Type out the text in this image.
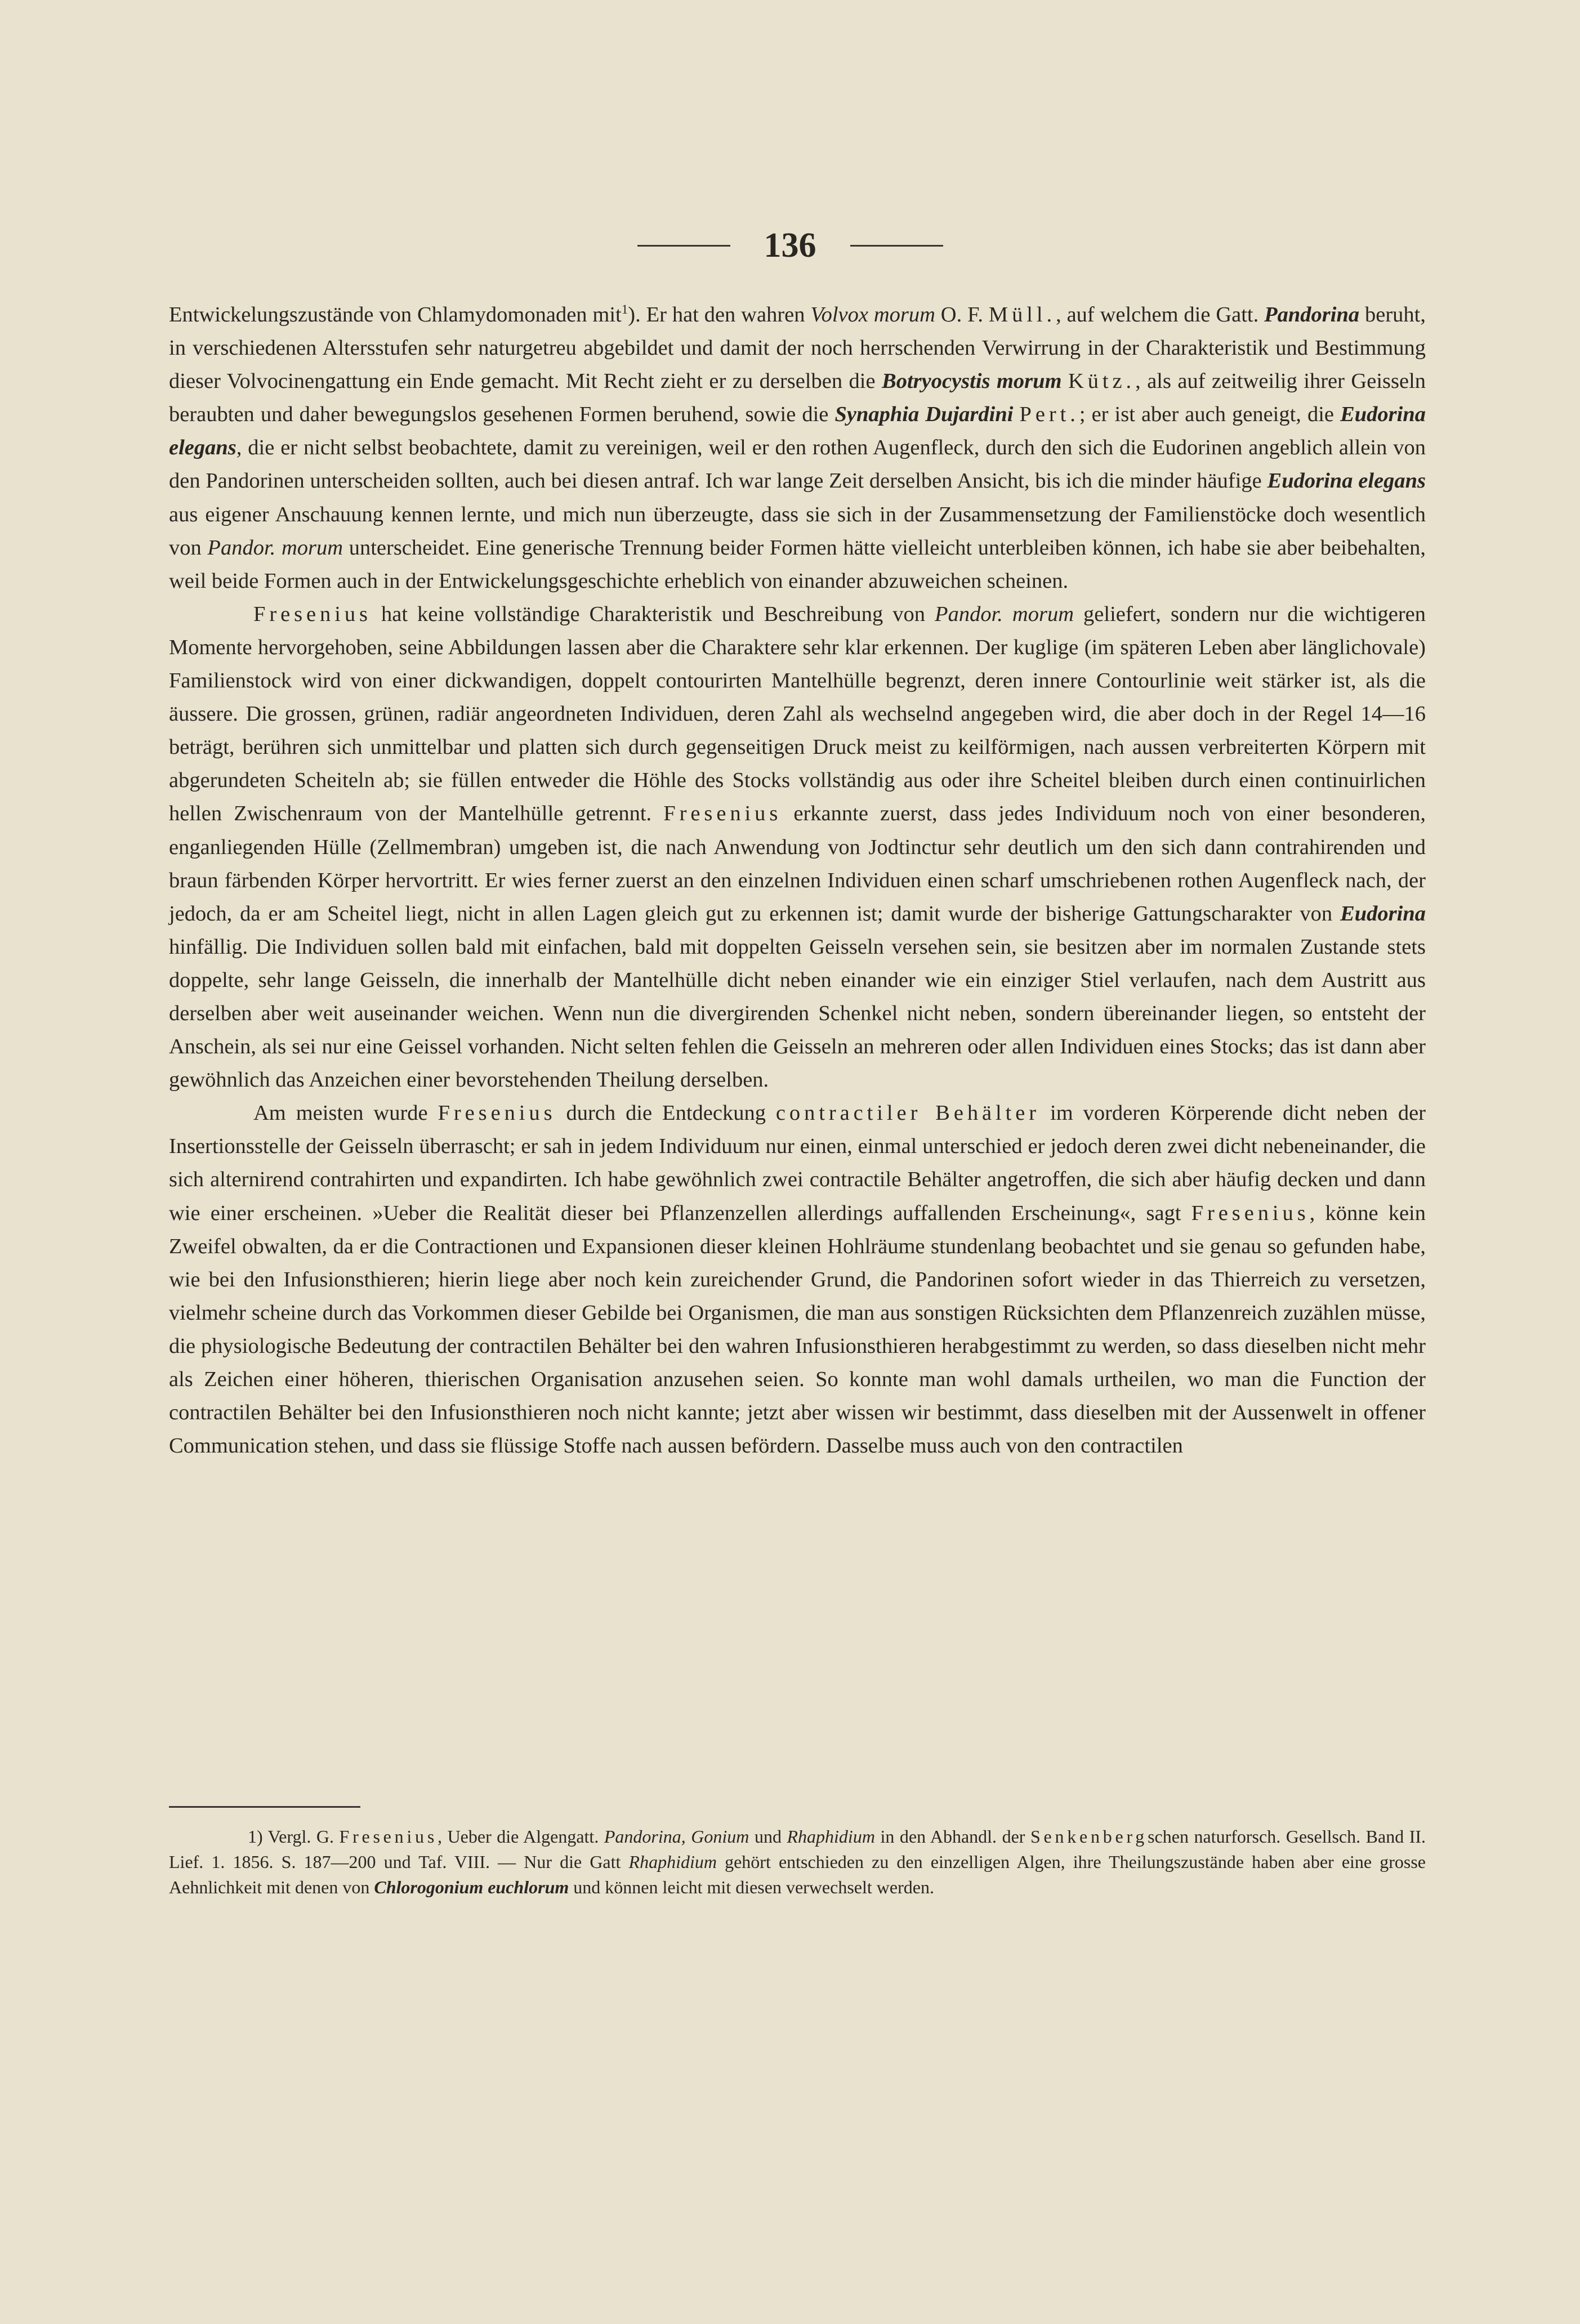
136

Entwickelungszustände von Chlamydomonaden mit$^1$). Er hat den wahren Volvox morum O. F. Müll., auf welchem die Gatt. Pandorina beruht, in verschiedenen Altersstufen sehr naturgetreu abgebildet und damit der noch herrschenden Verwirrung in der Charakteristik und Bestimmung dieser Volvocinengattung ein Ende gemacht. Mit Recht zieht er zu derselben die Botryocystis morum Kütz., als auf zeitweilig ihrer Geisseln beraubten und daher bewegungslos gesehenen Formen beruhend, sowie die Synaphia Dujardini Pert.; er ist aber auch geneigt, die Eudorina elegans, die er nicht selbst beobachtete, damit zu vereinigen, weil er den rothen Augenfleck, durch den sich die Eudorinen angeblich allein von den Pandorinen unterscheiden sollten, auch bei diesen antraf. Ich war lange Zeit derselben Ansicht, bis ich die minder häufige Eudorina elegans aus eigener Anschauung kennen lernte, und mich nun überzeugte, dass sie sich in der Zusammensetzung der Familienstöcke doch wesentlich von Pandor. morum unterscheidet. Eine generische Trennung beider Formen hätte vielleicht unterbleiben können, ich habe sie aber beibehalten, weil beide Formen auch in der Entwickelungsgeschichte erheblich von einander abzuweichen scheinen.

Fresenius hat keine vollständige Charakteristik und Beschreibung von Pandor. morum geliefert, sondern nur die wichtigeren Momente hervorgehoben, seine Abbildungen lassen aber die Charaktere sehr klar erkennen. Der kuglige (im späteren Leben aber länglichovale) Familienstock wird von einer dickwandigen, doppelt contourirten Mantelhülle begrenzt, deren innere Contourlinie weit stärker ist, als die äussere. Die grossen, grünen, radiär angeordneten Individuen, deren Zahl als wechselnd angegeben wird, die aber doch in der Regel 14—16 beträgt, berühren sich unmittelbar und platten sich durch gegenseitigen Druck meist zu keilförmigen, nach aussen verbreiterten Körpern mit abgerundeten Scheiteln ab; sie füllen entweder die Höhle des Stocks vollständig aus oder ihre Scheitel bleiben durch einen continuirlichen hellen Zwischenraum von der Mantelhülle getrennt. Fresenius erkannte zuerst, dass jedes Individuum noch von einer besonderen, enganliegenden Hülle (Zellmembran) umgeben ist, die nach Anwendung von Jodtinctur sehr deutlich um den sich dann contrahirenden und braun färbenden Körper hervortritt. Er wies ferner zuerst an den einzelnen Individuen einen scharf umschriebenen rothen Augenfleck nach, der jedoch, da er am Scheitel liegt, nicht in allen Lagen gleich gut zu erkennen ist; damit wurde der bisherige Gattungscharakter von Eudorina hinfällig. Die Individuen sollen bald mit einfachen, bald mit doppelten Geisseln versehen sein, sie besitzen aber im normalen Zustande stets doppelte, sehr lange Geisseln, die innerhalb der Mantelhülle dicht neben einander wie ein einziger Stiel verlaufen, nach dem Austritt aus derselben aber weit auseinander weichen. Wenn nun die divergirenden Schenkel nicht neben, sondern übereinander liegen, so entsteht der Anschein, als sei nur eine Geissel vorhanden. Nicht selten fehlen die Geisseln an mehreren oder allen Individuen eines Stocks; das ist dann aber gewöhnlich das Anzeichen einer bevorstehenden Theilung derselben.

Am meisten wurde Fresenius durch die Entdeckung contractiler Behälter im vorderen Körperende dicht neben der Insertionsstelle der Geisseln überrascht; er sah in jedem Individuum nur einen, einmal unterschied er jedoch deren zwei dicht nebeneinander, die sich alternirend contrahirten und expandirten. Ich habe gewöhnlich zwei contractile Behälter angetroffen, die sich aber häufig decken und dann wie einer erscheinen. »Ueber die Realität dieser bei Pflanzenzellen allerdings auffallenden Erscheinung«, sagt Fresenius, könne kein Zweifel obwalten, da er die Contractionen und Expansionen dieser kleinen Hohlräume stundenlang beobachtet und sie genau so gefunden habe, wie bei den Infusionsthieren; hierin liege aber noch kein zureichender Grund, die Pandorinen sofort wieder in das Thierreich zu versetzen, vielmehr scheine durch das Vorkommen dieser Gebilde bei Organismen, die man aus sonstigen Rücksichten dem Pflanzenreich zuzählen müsse, die physiologische Bedeutung der contractilen Behälter bei den wahren Infusionsthieren herabgestimmt zu werden, so dass dieselben nicht mehr als Zeichen einer höheren, thierischen Organisation anzusehen seien. So konnte man wohl damals urtheilen, wo man die Function der contractilen Behälter bei den Infusionsthieren noch nicht kannte; jetzt aber wissen wir bestimmt, dass dieselben mit der Aussenwelt in offener Communication stehen, und dass sie flüssige Stoffe nach aussen befördern. Dasselbe muss auch von den contractilen

1) Vergl. G. Fresenius, Ueber die Algengatt. Pandorina, Gonium und Rhaphidium in den Abhandl. der Senkenbergschen naturforsch. Gesellsch. Band II. Lief. 1. 1856. S. 187—200 und Taf. VIII. — Nur die Gatt Rhaphidium gehört entschieden zu den einzelligen Algen, ihre Theilungszustände haben aber eine grosse Aehnlichkeit mit denen von Chlorogonium euchlorum und können leicht mit diesen verwechselt werden.
